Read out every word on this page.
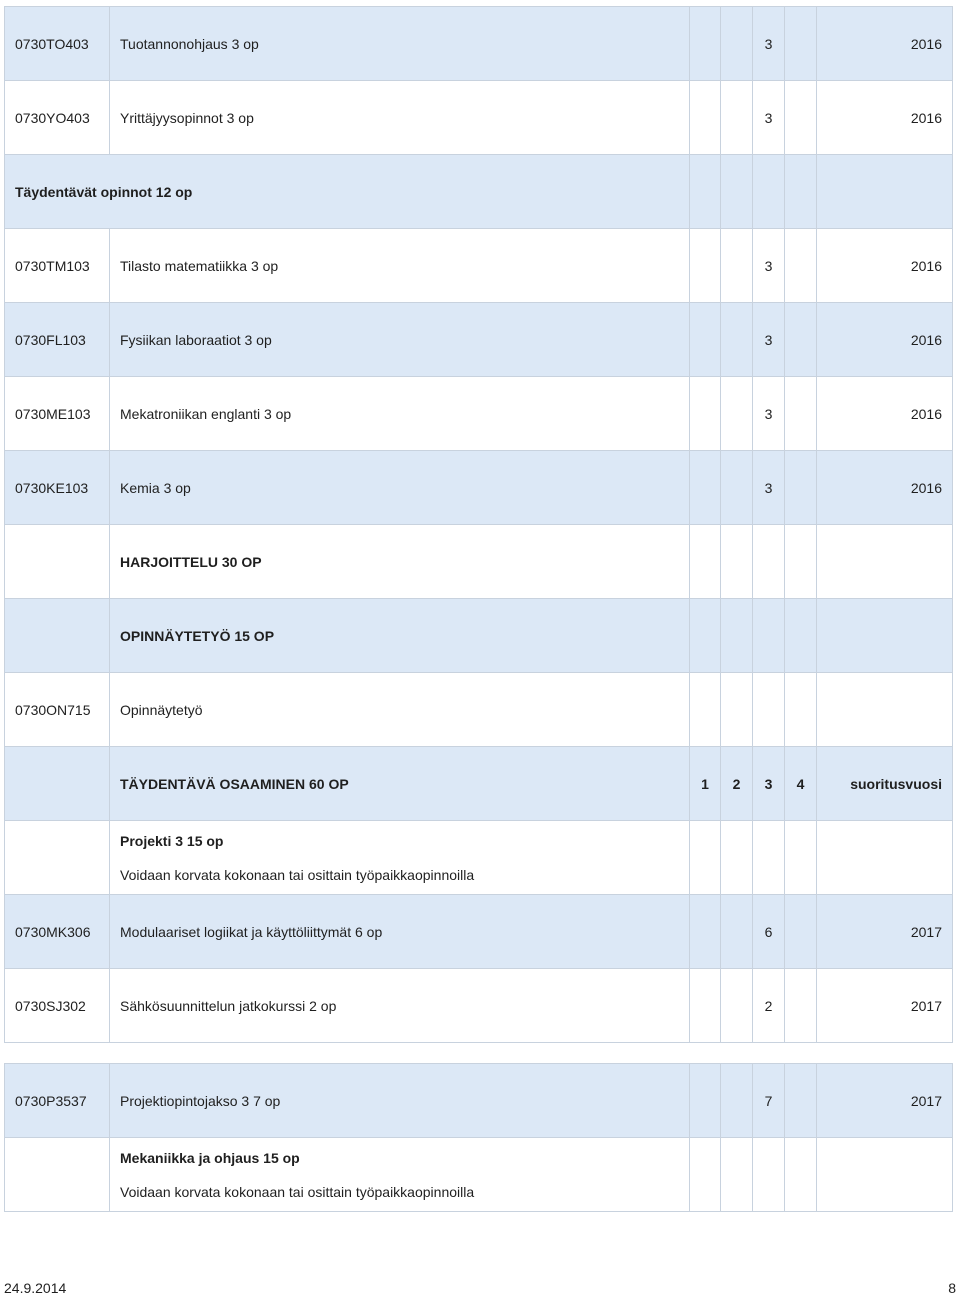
0730TO403	Tuotannonohjaus 3 op			3		2016
0730YO403	Yrittäjyysopinnot 3 op			3		2016
Täydentävät opinnot 12 op						
0730TM103	Tilasto matematiikka 3 op			3		2016
0730FL103	Fysiikan laboraatiot 3 op			3		2016
0730ME103	Mekatroniikan englanti 3 op			3		2016
0730KE103	Kemia 3 op			3		2016
	HARJOITTELU 30 OP					
	OPINNÄYTETYÖ 15 OP					
0730ON715	Opinnäytetyö					
	TÄYDENTÄVÄ OSAAMINEN 60 OP	1	2	3	4	suoritusvuosi
	Projekti 3 15 op
Voidaan korvata kokonaan tai osittain työpaikkaopinnoilla					
0730MK306	Modulaariset logiikat ja käyttöliittymät 6 op			6		2017
0730SJ302	Sähkösuunnittelun jatkokurssi 2 op			2		2017
0730P3537	Projektiopintojakso 3 7 op			7		2017
	Mekaniikka ja ohjaus 15 op
Voidaan korvata kokonaan tai osittain työpaikkaopinnoilla					
24.9.2014	8
